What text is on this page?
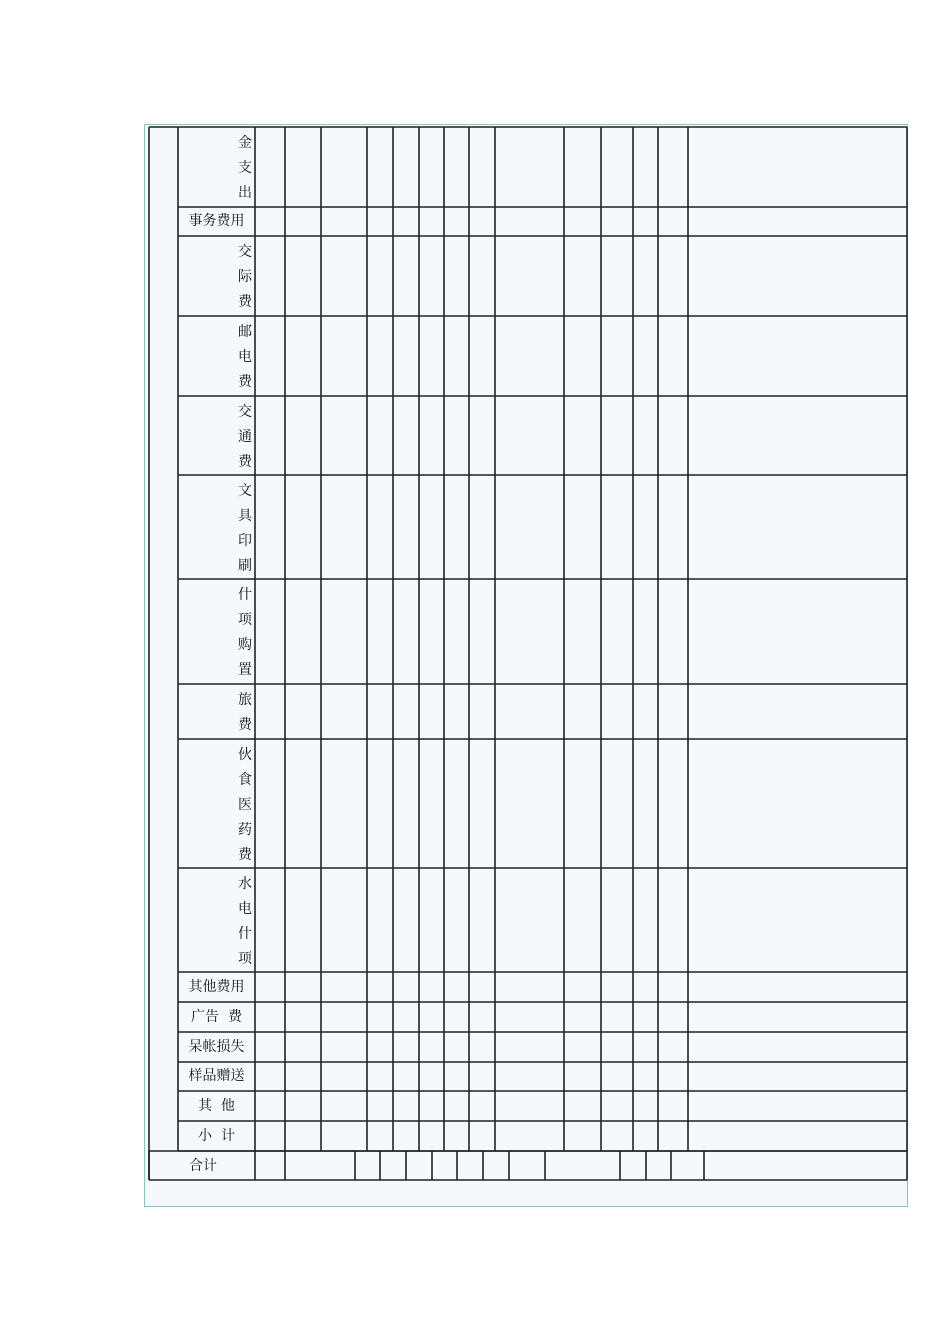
金
支
出
事务费用
交
际
费
邮
电
费
交
通
费
文
具
印
刷
什
项
购
置
旅
费
伙
食
医
药
费
水
电
什
项
其他费用
广告  费
呆帐损失
样品赠送
其  他
小  计
合计
